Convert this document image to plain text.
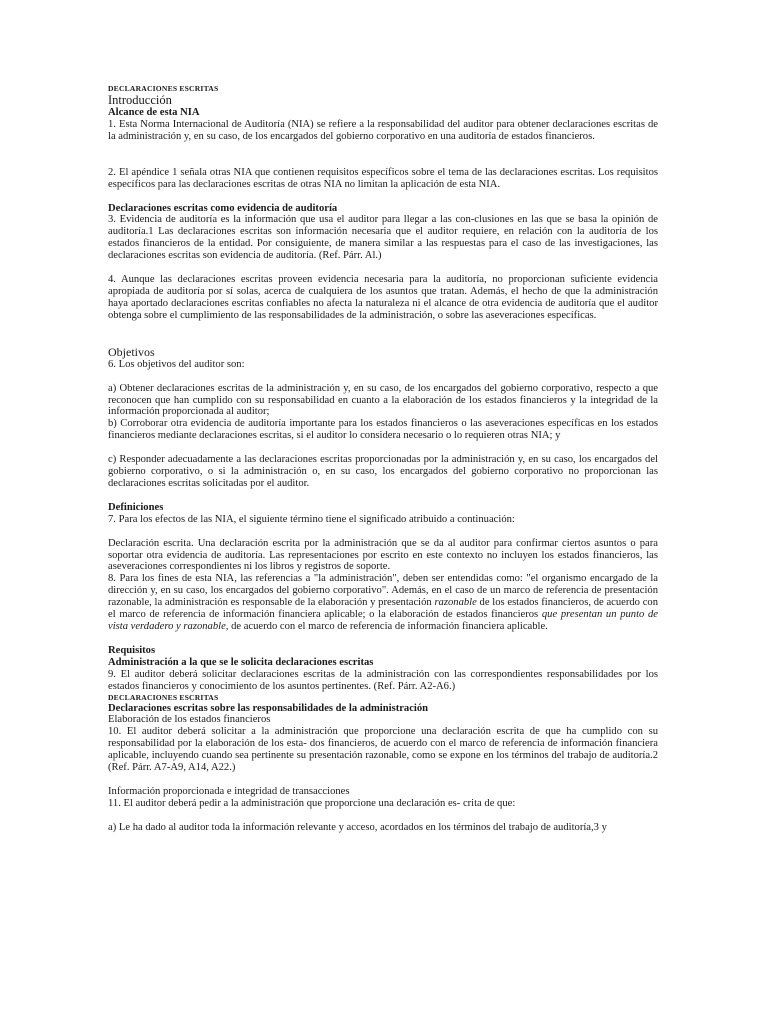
DECLARACIONES ESCRITAS

Introducción

Alcance de esta NIA

1. Esta Norma Internacional de Auditoría (NIA) se refiere a la responsabilidad del auditor para obtener declaraciones escritas de la administración y, en su caso, de los encargados del gobierno corporativo en una auditoría de estados financieros.

2. El apéndice 1 señala otras NIA que contienen requisitos específicos sobre el tema de las declaraciones escritas. Los requisitos específicos para las declaraciones escritas de otras NIA no limitan la aplicación de esta NIA.

Declaraciones escritas como evidencia de auditoría

3. Evidencia de auditoría es la información que usa el auditor para llegar a las con-clusiones en las que se basa la opinión de auditoría.1 Las declaraciones escritas son información necesaria que el auditor requiere, en relación con la auditoría de los estados financieros de la entidad. Por consiguiente, de manera similar a las respuestas para el caso de las investigaciones, las declaraciones escritas son evidencia de auditoría. (Ref. Párr. Al.)

4. Aunque las declaraciones escritas proveen evidencia necesaria para la auditoría, no proporcionan suficiente evidencia apropiada de auditoría por sí solas, acerca de cualquiera de los asuntos que tratan. Además, el hecho de que la administración haya aportado declaraciones escritas confiables no afecta la naturaleza ni el alcance de otra evidencia de auditoría que el auditor obtenga sobre el cumplimiento de las responsabilidades de la administración, o sobre las aseveraciones específicas.

Objetivos

6. Los objetivos del auditor son:

a) Obtener declaraciones escritas de la administración y, en su caso, de los encargados del gobierno corporativo, respecto a que reconocen que han cumplido con su responsabilidad en cuanto a la elaboración de los estados financieros y la integridad de la información proporcionada al auditor;

b) Corroborar otra evidencia de auditoría importante para los estados financieros o las aseveraciones específicas en los estados financieros mediante declaraciones escritas, si el auditor lo considera necesario o lo requieren otras NIA; y

c) Responder adecuadamente a las declaraciones escritas proporcionadas por la administración y, en su caso, los encargados del gobierno corporativo, o si la administración o, en su caso, los encargados del gobierno corporativo no proporcionan las declaraciones escritas solicitadas por el auditor.

Definiciones

7. Para los efectos de las NIA, el siguiente término tiene el significado atribuido a continuación:

Declaración escrita. Una declaración escrita por la administración que se da al auditor para confirmar ciertos asuntos o para soportar otra evidencia de auditoría. Las representaciones por escrito en este contexto no incluyen los estados financieros, las aseveraciones correspondientes ni los libros y registros de soporte.

8. Para los fines de esta NIA, las referencias a "la administración", deben ser entendidas como: "el organismo encargado de la dirección y, en su caso, los encargados del gobierno corporativo". Además, en el caso de un marco de referencia de presentación razonable, la administración es responsable de la elaboración y presentación razonable de los estados financieros, de acuerdo con el marco de referencia de información financiera aplicable; o la elaboración de estados financieros que presentan un punto de vista verdadero y razonable, de acuerdo con el marco de referencia de información financiera aplicable.

Requisitos

Administración a la que se le solicita declaraciones escritas

9. El auditor deberá solicitar declaraciones escritas de la administración con las correspondientes responsabilidades por los estados financieros y conocimiento de los asuntos pertinentes. (Ref. Párr. A2-A6.)

DECLARACIONES ESCRITAS

Declaraciones escritas sobre las responsabilidades de la administración

Elaboración de los estados financieros

10. El auditor deberá solicitar a la administración que proporcione una declaración escrita de que ha cumplido con su responsabilidad por la elaboración de los esta- dos financieros, de acuerdo con el marco de referencia de información financiera aplicable, incluyendo cuando sea pertinente su presentación razonable, como se expone en los términos del trabajo de auditoría.2 (Ref. Párr. A7-A9, A14, A22.)

Información proporcionada e integridad de transacciones

11. El auditor deberá pedir a la administración que proporcione una declaración es- crita de que:

a) Le ha dado al auditor toda la información relevante y acceso, acordados en los términos del trabajo de auditoría,3 y
